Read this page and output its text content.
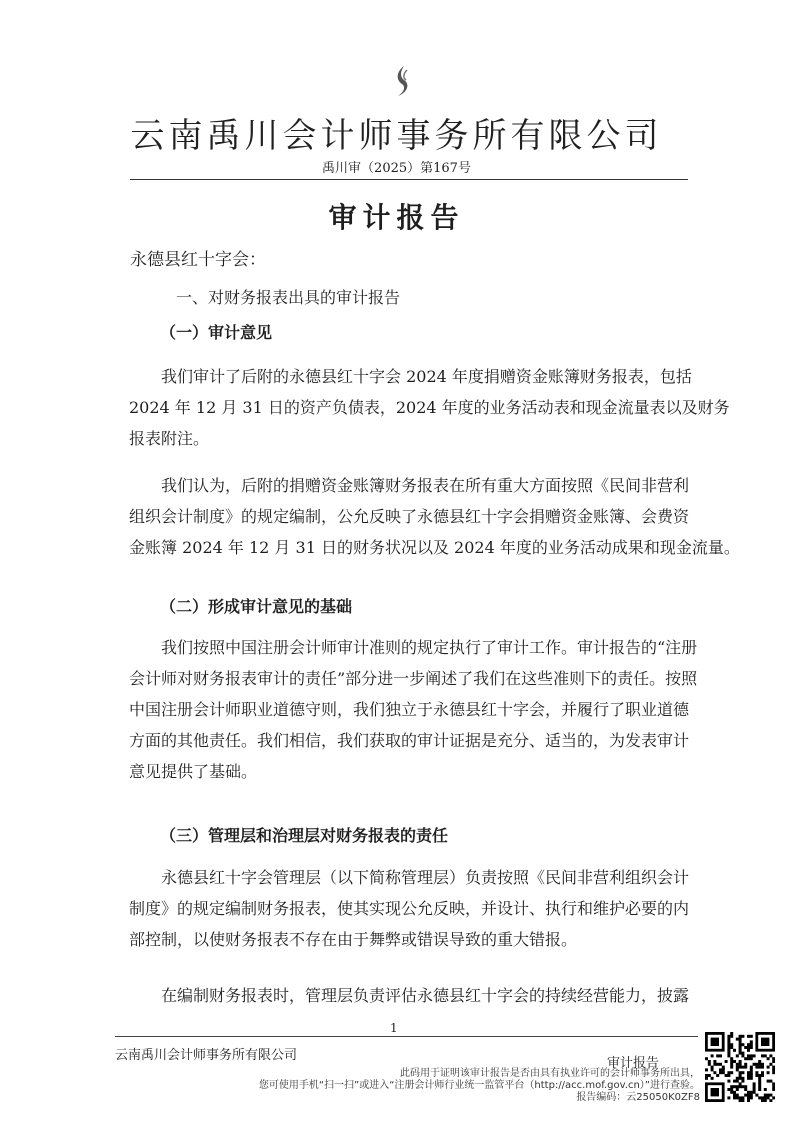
云南禹川会计师事务所有限公司
禹川审（2025）第167号
审计报告
永德县红十字会：
一、对财务报表出具的审计报告
（一）审计意见
我们审计了后附的永德县红十字会 2024 年度捐赠资金账簿财务报表，包括
2024 年 12 月 31 日的资产负债表，2024 年度的业务活动表和现金流量表以及财务
报表附注。
我们认为，后附的捐赠资金账簿财务报表在所有重大方面按照《民间非营利
组织会计制度》的规定编制，公允反映了永德县红十字会捐赠资金账簿、会费资
金账簿 2024 年 12 月 31 日的财务状况以及 2024 年度的业务活动成果和现金流量。
（二）形成审计意见的基础
我们按照中国注册会计师审计准则的规定执行了审计工作。审计报告的“注册
会计师对财务报表审计的责任”部分进一步阐述了我们在这些准则下的责任。按照
中国注册会计师职业道德守则，我们独立于永德县红十字会，并履行了职业道德
方面的其他责任。我们相信，我们获取的审计证据是充分、适当的，为发表审计
意见提供了基础。
（三）管理层和治理层对财务报表的责任
永德县红十字会管理层（以下简称管理层）负责按照《民间非营利组织会计
制度》的规定编制财务报表，使其实现公允反映，并设计、执行和维护必要的内
部控制，以使财务报表不存在由于舞弊或错误导致的重大错报。
在编制财务报表时，管理层负责评估永德县红十字会的持续经营能力，披露
1
云南禹川会计师事务所有限公司
审计报告
此码用于证明该审计报告是否由具有执业许可的会计师事务所出具，
您可使用手机“扫一扫”或进入“注册会计师行业统一监管平台（http://acc.mof.gov.cn）”进行查验。
报告编码：云25050K0ZF8
